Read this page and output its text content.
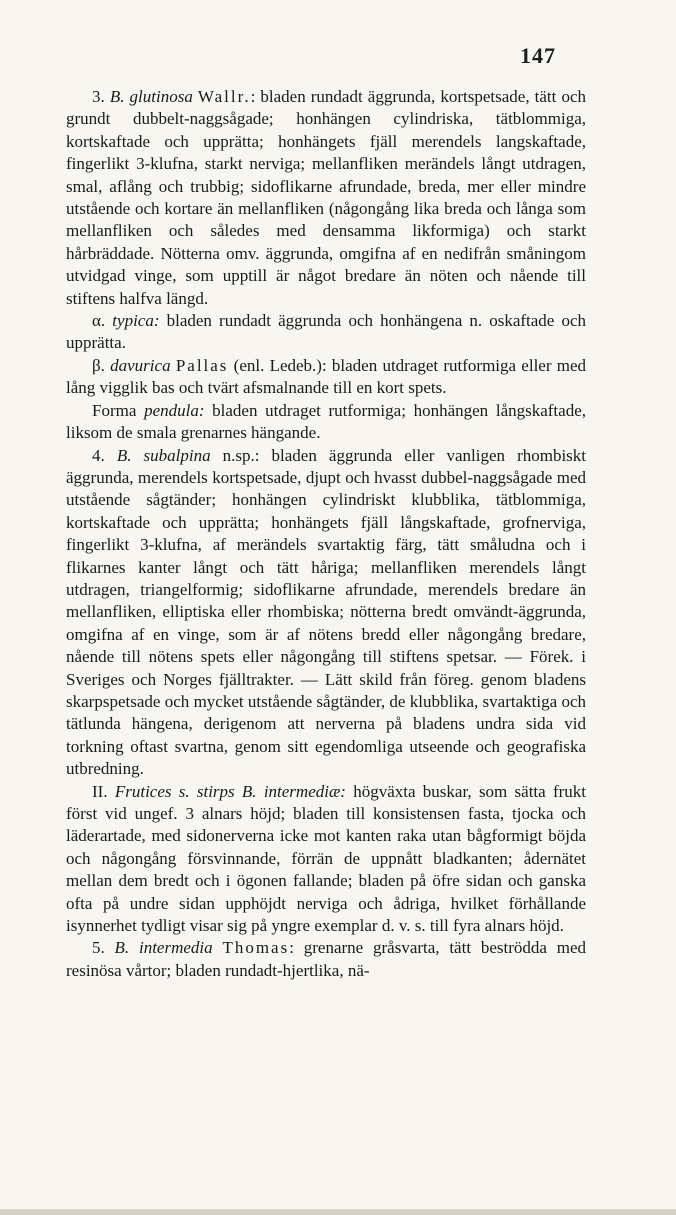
147

3. B. glutinosa Wallr.: bladen rundadt äggrunda, kortspetsade, tätt och grundt dubbelt-naggsågade; honhängen cylindriska, tätblommiga, kortskaftade och upprätta; honhängets fjäll merendels langskaftade, fingerlikt 3-klufna, starkt nerviga; mellanfliken merändels långt utdragen, smal, aflång och trubbig; sidoflikarne afrundade, breda, mer eller mindre utstående och kortare än mellanfliken (någongång lika breda och långa som mellanfliken och således med densamma likformiga) och starkt hårbräddade. Nötterna omv. äggrunda, omgifna af en nedifrån småningom utvidgad vinge, som upptill är något bredare än nöten och nående till stiftens halfva längd.

α. typica: bladen rundadt äggrunda och honhängena n. oskaftade och upprätta.

β. davurica Pallas (enl. Ledeb.): bladen utdraget rutformiga eller med lång vigglik bas och tvärt afsmalnande till en kort spets.

Forma pendula: bladen utdraget rutformiga; honhängen långskaftade, liksom de smala grenarnes hängande.

4. B. subalpina n.sp.: bladen äggrunda eller vanligen rhombiskt äggrunda, merendels kortspetsade, djupt och hvasst dubbel-naggsågade med utstående sågtänder; honhängen cylindriskt klubblika, tätblommiga, kortskaftade och upprätta; honhängets fjäll långskaftade, grofnerviga, fingerlikt 3-klufna, af merändels svartaktig färg, tätt småludna och i flikarnes kanter långt och tätt håriga; mellanfliken merendels långt utdragen, triangelformig; sidoflikarne afrundade, merendels bredare än mellanfliken, elliptiska eller rhombiska; nötterna bredt omvändt-äggrunda, omgifna af en vinge, som är af nötens bredd eller någongång bredare, nående till nötens spets eller någongång till stiftens spetsar. — Förek. i Sveriges och Norges fjälltrakter. — Lätt skild från föreg. genom bladens skarpspetsade och mycket utstående sågtänder, de klubblika, svartaktiga och tätlunda hängena, derigenom att nerverna på bladens undra sida vid torkning oftast svartna, genom sitt egendomliga utseende och geografiska utbredning.

II. Frutices s. stirps B. intermediæ: högväxta buskar, som sätta frukt först vid ungef. 3 alnars höjd; bladen till konsistensen fasta, tjocka och läderartade, med sidonerverna icke mot kanten raka utan bågformigt böjda och någongång försvinnande, förrän de uppnått bladkanten; ådernätet mellan dem bredt och i ögonen fallande; bladen på öfre sidan och ganska ofta på undre sidan upphöjdt nerviga och ådriga, hvilket förhållande isynnerhet tydligt visar sig på yngre exemplar d. v. s. till fyra alnars höjd.

5. B. intermedia Thomas: grenarne gråsvarta, tätt beströdda med resinösa vårtor; bladen rundadt-hjertlika, nä-
